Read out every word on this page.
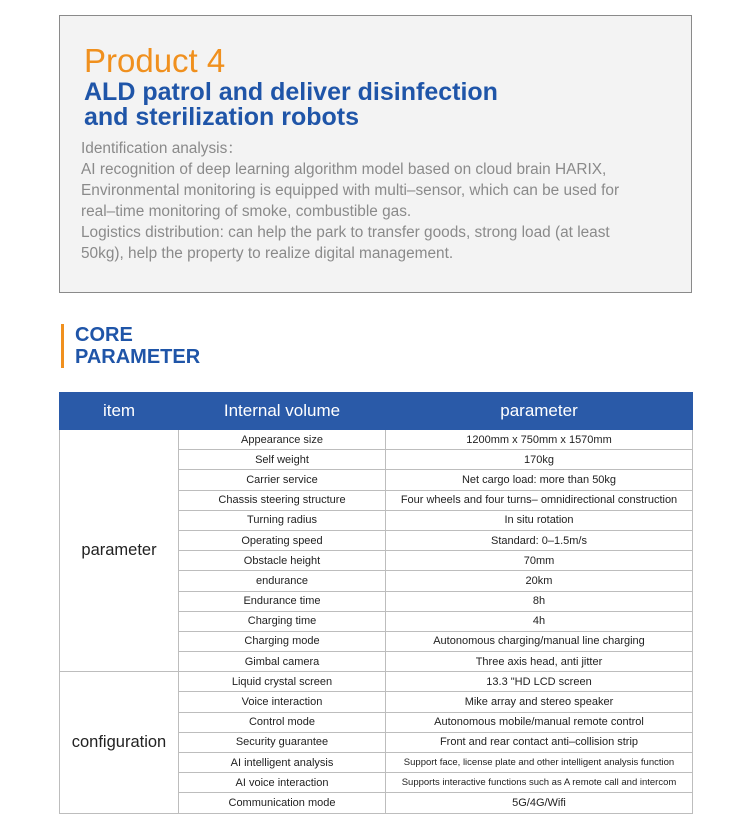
Product 4
ALD patrol and deliver disinfection
and sterilization robots
Identification analysis：
AI recognition of deep learning algorithm model based on cloud brain HARIX,
Environmental monitoring is equipped with multi–sensor, which can be used for
real–time monitoring of smoke, combustible gas.
Logistics distribution: can help the park to transfer goods, strong load (at least
50kg), help the property to realize digital management.
CORE
PARAMETER
item	Internal volume	parameter
parameter	Appearance size	1200mm x 750mm x 1570mm
	Self weight	170kg
	Carrier service	Net cargo load: more than 50kg
	Chassis steering structure	Four wheels and four turns– omnidirectional construction
	Turning radius	In situ rotation
	Operating speed	Standard: 0–1.5m/s
	Obstacle height	70mm
	endurance	20km
	Endurance time	8h
	Charging time	4h
	Charging mode	Autonomous charging/manual line charging
	Gimbal camera	Three axis head, anti jitter
configuration	Liquid crystal screen	13.3 "HD LCD screen
	Voice interaction	Mike array and stereo speaker
	Control mode	Autonomous mobile/manual remote control
	Security guarantee	Front and rear contact anti–collision strip
	AI intelligent analysis	Support face, license plate and other intelligent analysis function
	AI voice interaction	Supports interactive functions such as A remote call and intercom
	Communication mode	5G/4G/Wifi
